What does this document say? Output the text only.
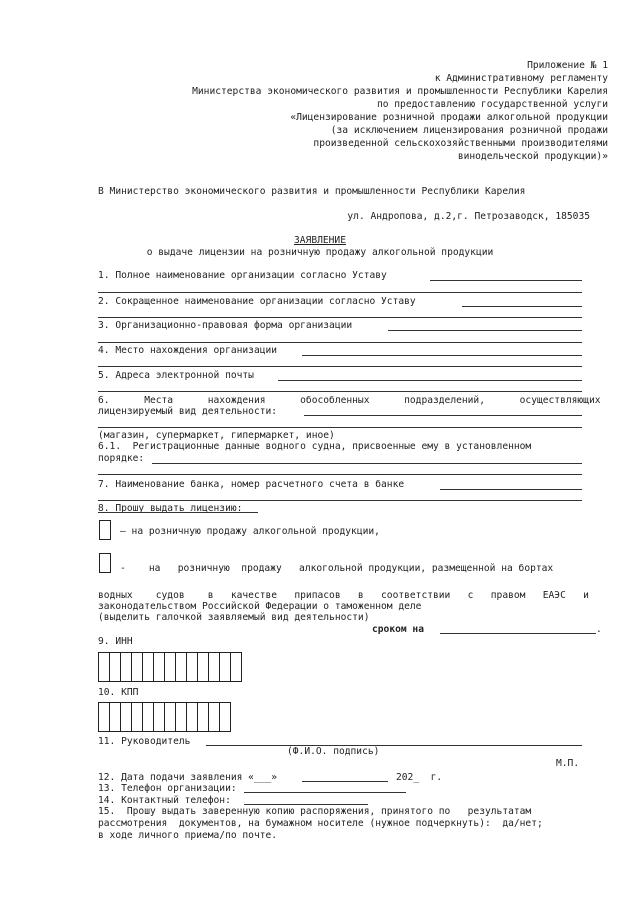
Приложение № 1
к Административному регламенту
Министерства экономического развития и промышленности Республики Карелия
по предоставлению государственной услуги
«Лицензирование розничной продажи алкогольной продукции
(за исключением лицензирования розничной продажи
произведенной сельскохозяйственными производителями
винодельческой продукции)»
В Министерство экономического развития и промышленности Республики Карелия
ул. Андропова, д.2,г. Петрозаводск, 185035
ЗАЯВЛЕНИЕ
о выдаче лицензии на розничную продажу алкогольной продукции
1. Полное наименование организации согласно Уставу
2. Сокращенное наименование организации согласно Уставу
3. Организационно-правовая форма организации
4. Место нахождения организации
5. Адреса электронной почты
6.      Места      нахождения      обособленных      подразделений,      осуществляющих
лицензируемый вид деятельности:
(магазин, супермаркет, гипермаркет, иное)
6.1.  Регистрационные данные водного судна, присвоенные ему в установленном
порядке:
7. Наименование банка, номер расчетного счета в банке
8. Прошу выдать лицензию:
– на розничную продажу алкогольной продукции,
-    на   розничную  продажу   алкогольной продукции, размещенной на бортах
водных    судов    в   качестве   припасов   в   соответствии   с   правом   ЕАЭС   и
законодательством Российской Федерации о таможенном деле
(выделить галочкой заявляемый вид деятельности)
сроком на	.
9. ИНН
10. КПП
11. Руководитель
(Ф.И.О. подпись)
М.П.
12. Дата подачи заявления «___»	202_  г.
13. Телефон организации:
14. Контактный телефон:
15.  Прошу выдать заверенную копию распоряжения, принятого по   результатам
рассмотрения  документов, на бумажном носителе (нужное подчеркнуть):  да/нет;
в ходе личного приема/по почте.
